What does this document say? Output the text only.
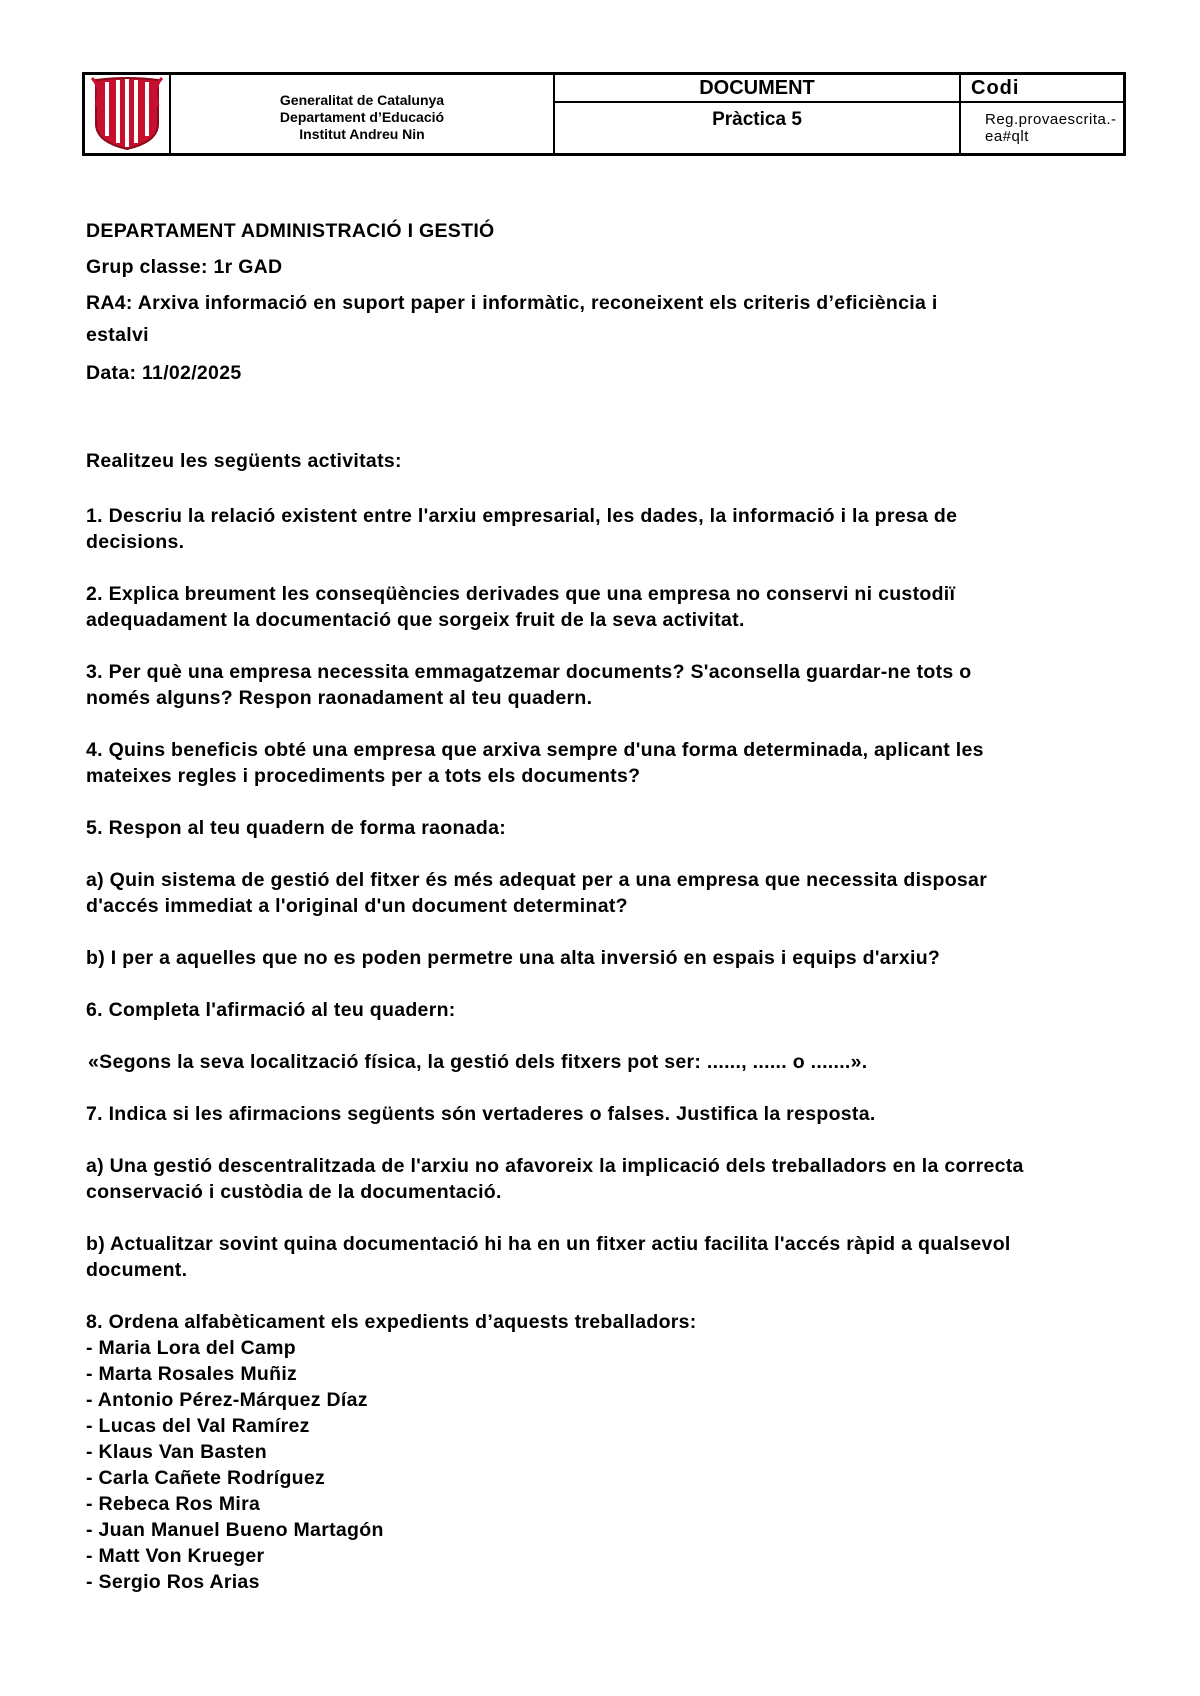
Generalitat de Catalunya
Departament d’Educació
Institut Andreu Nin
DOCUMENT
Pràctica 5
Codi
Reg.provaescrita.-ea#qlt
DEPARTAMENT ADMINISTRACIÓ I GESTIÓ
Grup classe: 1r GAD
RA4: Arxiva informació en suport paper i informàtic, reconeixent els criteris d’eficiència i
estalvi
Data: 11/02/2025
Realitzeu les següents activitats:
1. Descriu la relació existent entre l'arxiu empresarial, les dades, la informació i la presa de
decisions.
2. Explica breument les conseqüències derivades que una empresa no conservi ni custodiï
adequadament la documentació que sorgeix fruit de la seva activitat.
3. Per què una empresa necessita emmagatzemar documents? S'aconsella guardar-ne tots o
només alguns? Respon raonadament al teu quadern.
4. Quins beneficis obté una empresa que arxiva sempre d'una forma determinada, aplicant les
mateixes regles i procediments per a tots els documents?
5. Respon al teu quadern de forma raonada:
a) Quin sistema de gestió del fitxer és més adequat per a una empresa que necessita disposar
d'accés immediat a l'original d'un document determinat?
b) I per a aquelles que no es poden permetre una alta inversió en espais i equips d'arxiu?
6. Completa l'afirmació al teu quadern:
«Segons la seva localització física, la gestió dels fitxers pot ser: ......, ...... o .......».
7. Indica si les afirmacions següents són vertaderes o falses. Justifica la resposta.
a) Una gestió descentralitzada de l'arxiu no afavoreix la implicació dels treballadors en la correcta
conservació i custòdia de la documentació.
b) Actualitzar sovint quina documentació hi ha en un fitxer actiu facilita l'accés ràpid a qualsevol
document.
8. Ordena alfabèticament els expedients d’aquests treballadors:
- Maria Lora del Camp
- Marta Rosales Muñiz
- Antonio Pérez-Márquez Díaz
- Lucas del Val Ramírez
- Klaus Van Basten
- Carla Cañete Rodríguez
- Rebeca Ros Mira
- Juan Manuel Bueno Martagón
- Matt Von Krueger
- Sergio Ros Arias
